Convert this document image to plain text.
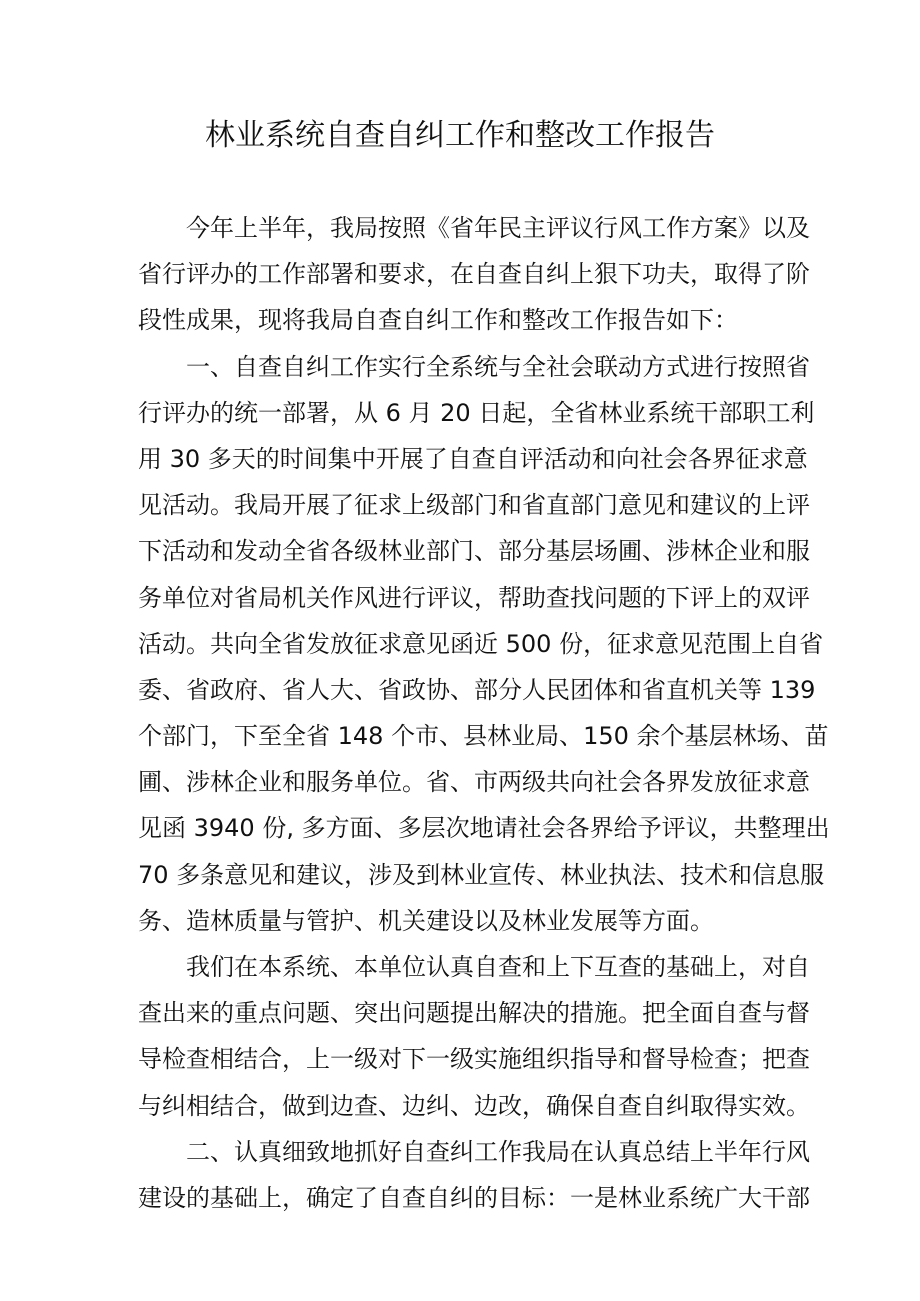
林业系统自查自纠工作和整改工作报告
今年上半年，我局按照《省年民主评议行风工作方案》以及
省行评办的工作部署和要求，在自查自纠上狠下功夫，取得了阶
段性成果，现将我局自查自纠工作和整改工作报告如下：
一、自查自纠工作实行全系统与全社会联动方式进行按照省
行评办的统一部署，从 6 月 20 日起，全省林业系统干部职工利
用 30 多天的时间集中开展了自查自评活动和向社会各界征求意
见活动。我局开展了征求上级部门和省直部门意见和建议的上评
下活动和发动全省各级林业部门、部分基层场圃、涉林企业和服
务单位对省局机关作风进行评议，帮助查找问题的下评上的双评
活动。共向全省发放征求意见函近 500 份，征求意见范围上自省
委、省政府、省人大、省政协、部分人民团体和省直机关等 139
个部门，下至全省 148 个市、县林业局、150 余个基层林场、苗
圃、涉林企业和服务单位。省、市两级共向社会各界发放征求意
见函 3940 份, 多方面、多层次地请社会各界给予评议，共整理出
70 多条意见和建议，涉及到林业宣传、林业执法、技术和信息服
务、造林质量与管护、机关建设以及林业发展等方面。
我们在本系统、本单位认真自查和上下互查的基础上，对自
查出来的重点问题、突出问题提出解决的措施。把全面自查与督
导检查相结合，上一级对下一级实施组织指导和督导检查；把查
与纠相结合，做到边查、边纠、边改，确保自查自纠取得实效。
二、认真细致地抓好自查纠工作我局在认真总结上半年行风
建设的基础上，确定了自查自纠的目标：一是林业系统广大干部
